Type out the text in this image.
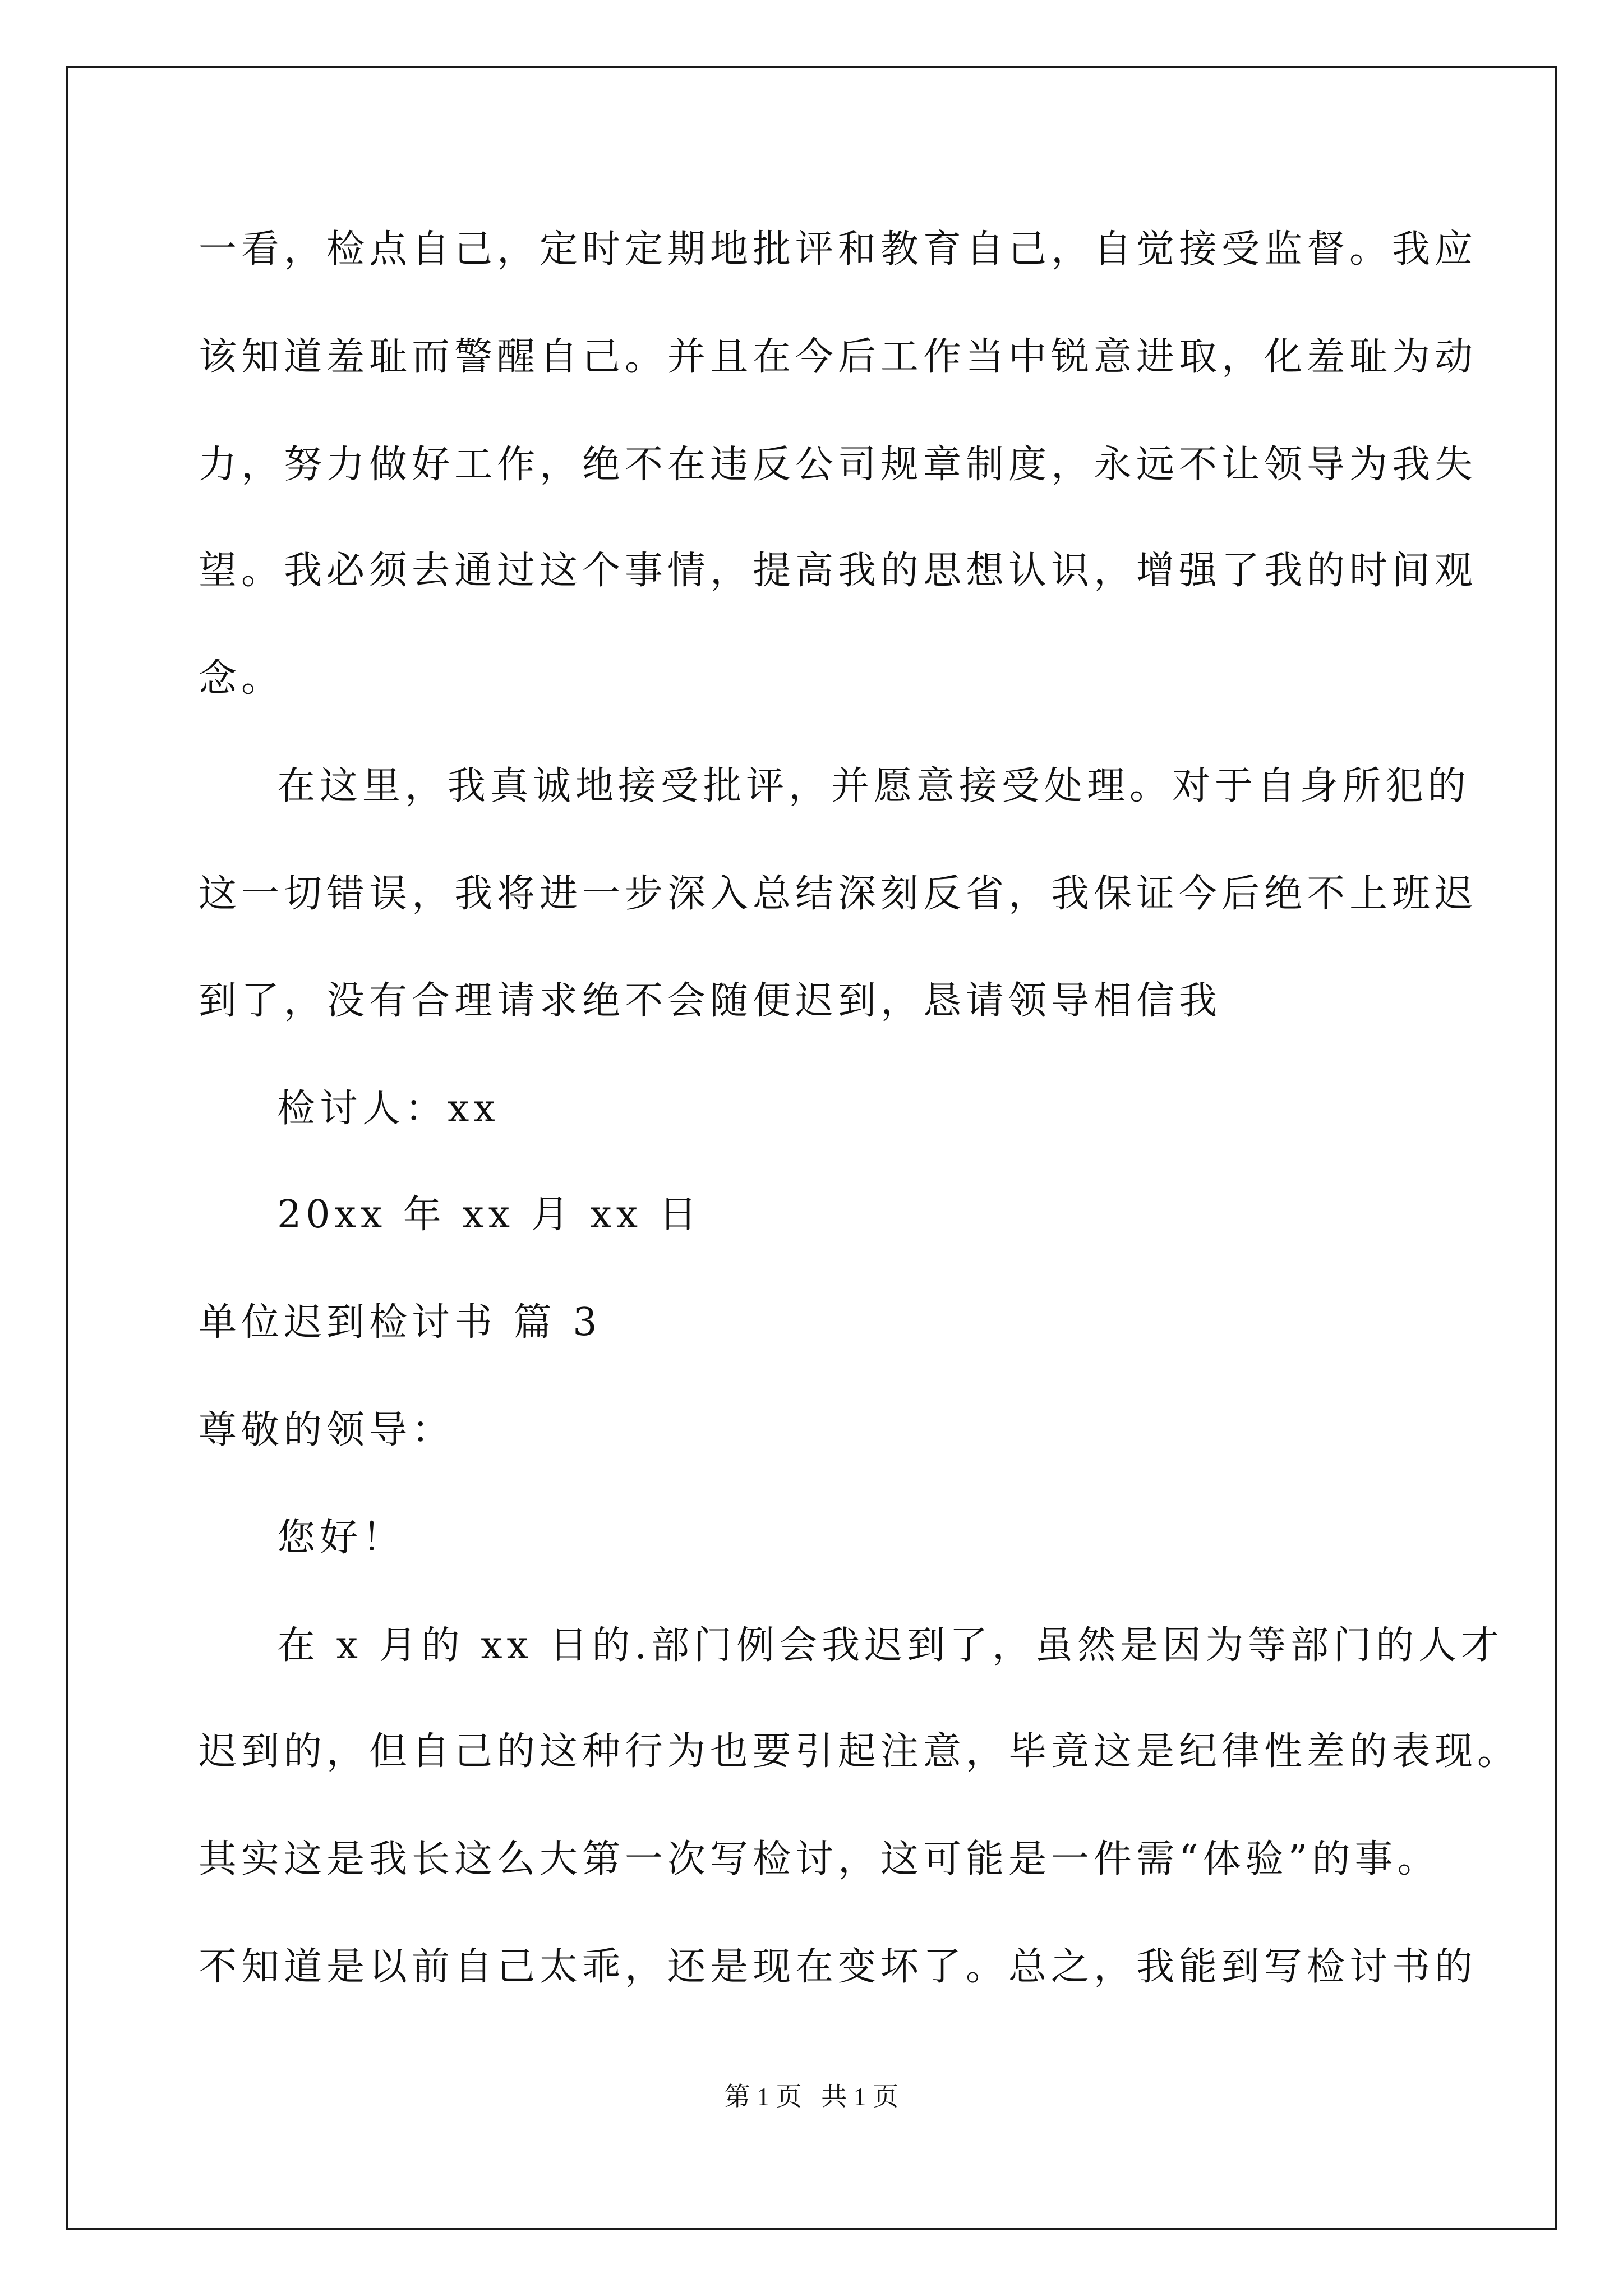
一看，检点自己，定时定期地批评和教育自己，自觉接受监督。我应
该知道羞耻而警醒自己。并且在今后工作当中锐意进取，化羞耻为动
力，努力做好工作，绝不在违反公司规章制度，永远不让领导为我失
望。我必须去通过这个事情，提高我的思想认识，增强了我的时间观
念。
在这里，我真诚地接受批评，并愿意接受处理。对于自身所犯的
这一切错误，我将进一步深入总结深刻反省，我保证今后绝不上班迟
到了，没有合理请求绝不会随便迟到，恳请领导相信我
检讨人：xx
20xx 年 xx 月 xx 日
单位迟到检讨书 篇 3
尊敬的领导：
您好！
在 x 月的 xx 日的.部门例会我迟到了，虽然是因为等部门的人才
迟到的，但自己的这种行为也要引起注意，毕竟这是纪律性差的表现。
其实这是我长这么大第一次写检讨，这可能是一件需“体验”的事。
不知道是以前自己太乖，还是现在变坏了。总之，我能到写检讨书的
第 1 页   共 1 页
